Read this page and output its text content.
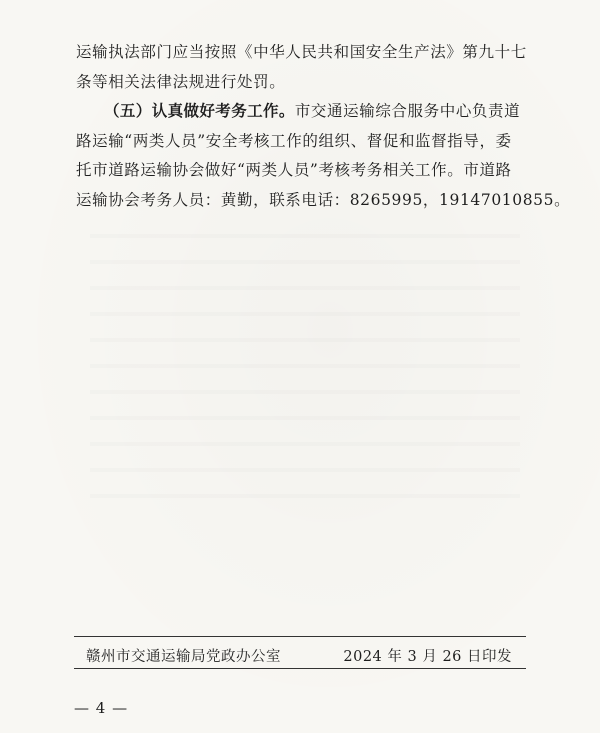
运输执法部门应当按照《中华人民共和国安全生产法》第九十七
条等相关法律法规进行处罚。
（五）认真做好考务工作。市交通运输综合服务中心负责道
路运输“两类人员”安全考核工作的组织、督促和监督指导，委
托市道路运输协会做好“两类人员”考核考务相关工作。市道路
运输协会考务人员：黄勤，联系电话：8265995，19147010855。
赣州市交通运输局党政办公室	2024 年 3 月 26 日印发
— 4 —
